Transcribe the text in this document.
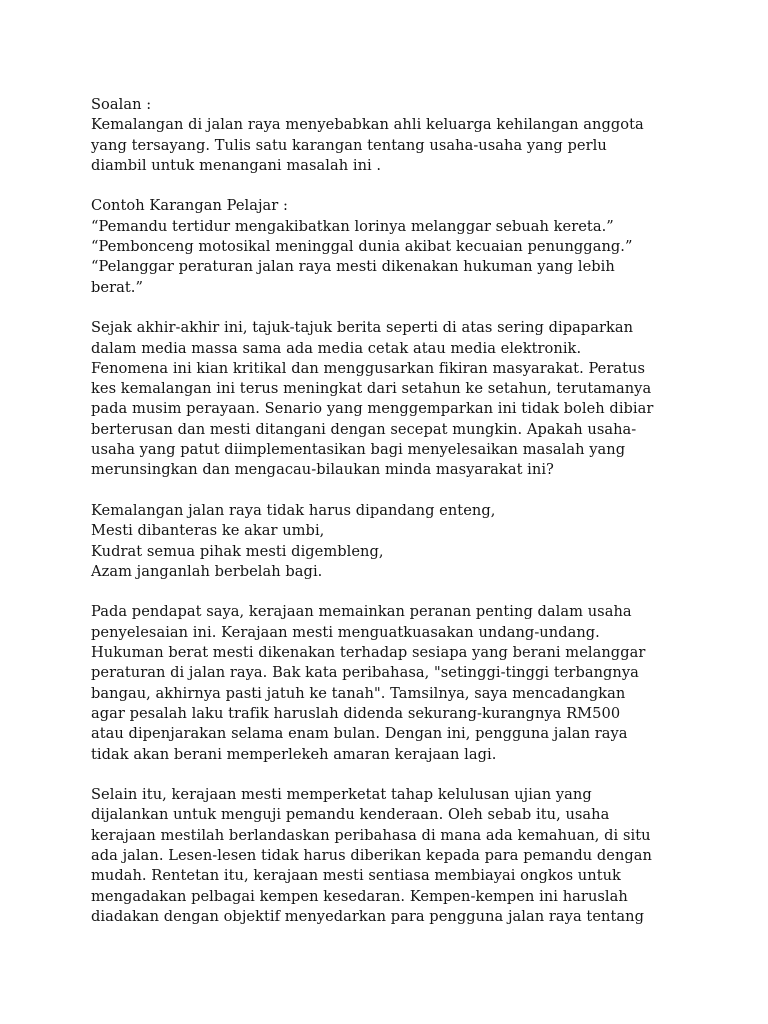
Soalan :
Kemalangan di jalan raya menyebabkan ahli keluarga kehilangan anggota
yang tersayang. Tulis satu karangan tentang usaha-usaha yang perlu
diambil untuk menangani masalah ini .
Contoh Karangan Pelajar :
“Pemandu tertidur mengakibatkan lorinya melanggar sebuah kereta.”
“Pembonceng motosikal meninggal dunia akibat kecuaian penunggang.”
“Pelanggar peraturan jalan raya mesti dikenakan hukuman yang lebih
berat.”
Sejak akhir-akhir ini, tajuk-tajuk berita seperti di atas sering dipaparkan
dalam media massa sama ada media cetak atau media elektronik.
Fenomena ini kian kritikal dan menggusarkan fikiran masyarakat. Peratus
kes kemalangan ini terus meningkat dari setahun ke setahun, terutamanya
pada musim perayaan. Senario yang menggemparkan ini tidak boleh dibiar
berterusan dan mesti ditangani dengan secepat mungkin. Apakah usaha-
usaha yang patut diimplementasikan bagi menyelesaikan masalah yang
merunsingkan dan mengacau-bilaukan minda masyarakat ini?
Kemalangan jalan raya tidak harus dipandang enteng,
Mesti dibanteras ke akar umbi,
Kudrat semua pihak mesti digembleng,
Azam janganlah berbelah bagi.
Pada pendapat saya, kerajaan memainkan peranan penting dalam usaha
penyelesaian ini. Kerajaan mesti menguatkuasakan undang-undang.
Hukuman berat mesti dikenakan terhadap sesiapa yang berani melanggar
peraturan di jalan raya. Bak kata peribahasa, "setinggi-tinggi terbangnya
bangau, akhirnya pasti jatuh ke tanah". Tamsilnya, saya mencadangkan
agar pesalah laku trafik haruslah didenda sekurang-kurangnya RM500
atau dipenjarakan selama enam bulan. Dengan ini, pengguna jalan raya
tidak akan berani memperlekeh amaran kerajaan lagi.
Selain itu, kerajaan mesti memperketat tahap kelulusan ujian yang
dijalankan untuk menguji pemandu kenderaan. Oleh sebab itu, usaha
kerajaan mestilah berlandaskan peribahasa di mana ada kemahuan, di situ
ada jalan. Lesen-lesen tidak harus diberikan kepada para pemandu dengan
mudah. Rentetan itu, kerajaan mesti sentiasa membiayai ongkos untuk
mengadakan pelbagai kempen kesedaran. Kempen-kempen ini haruslah
diadakan dengan objektif menyedarkan para pengguna jalan raya tentang
